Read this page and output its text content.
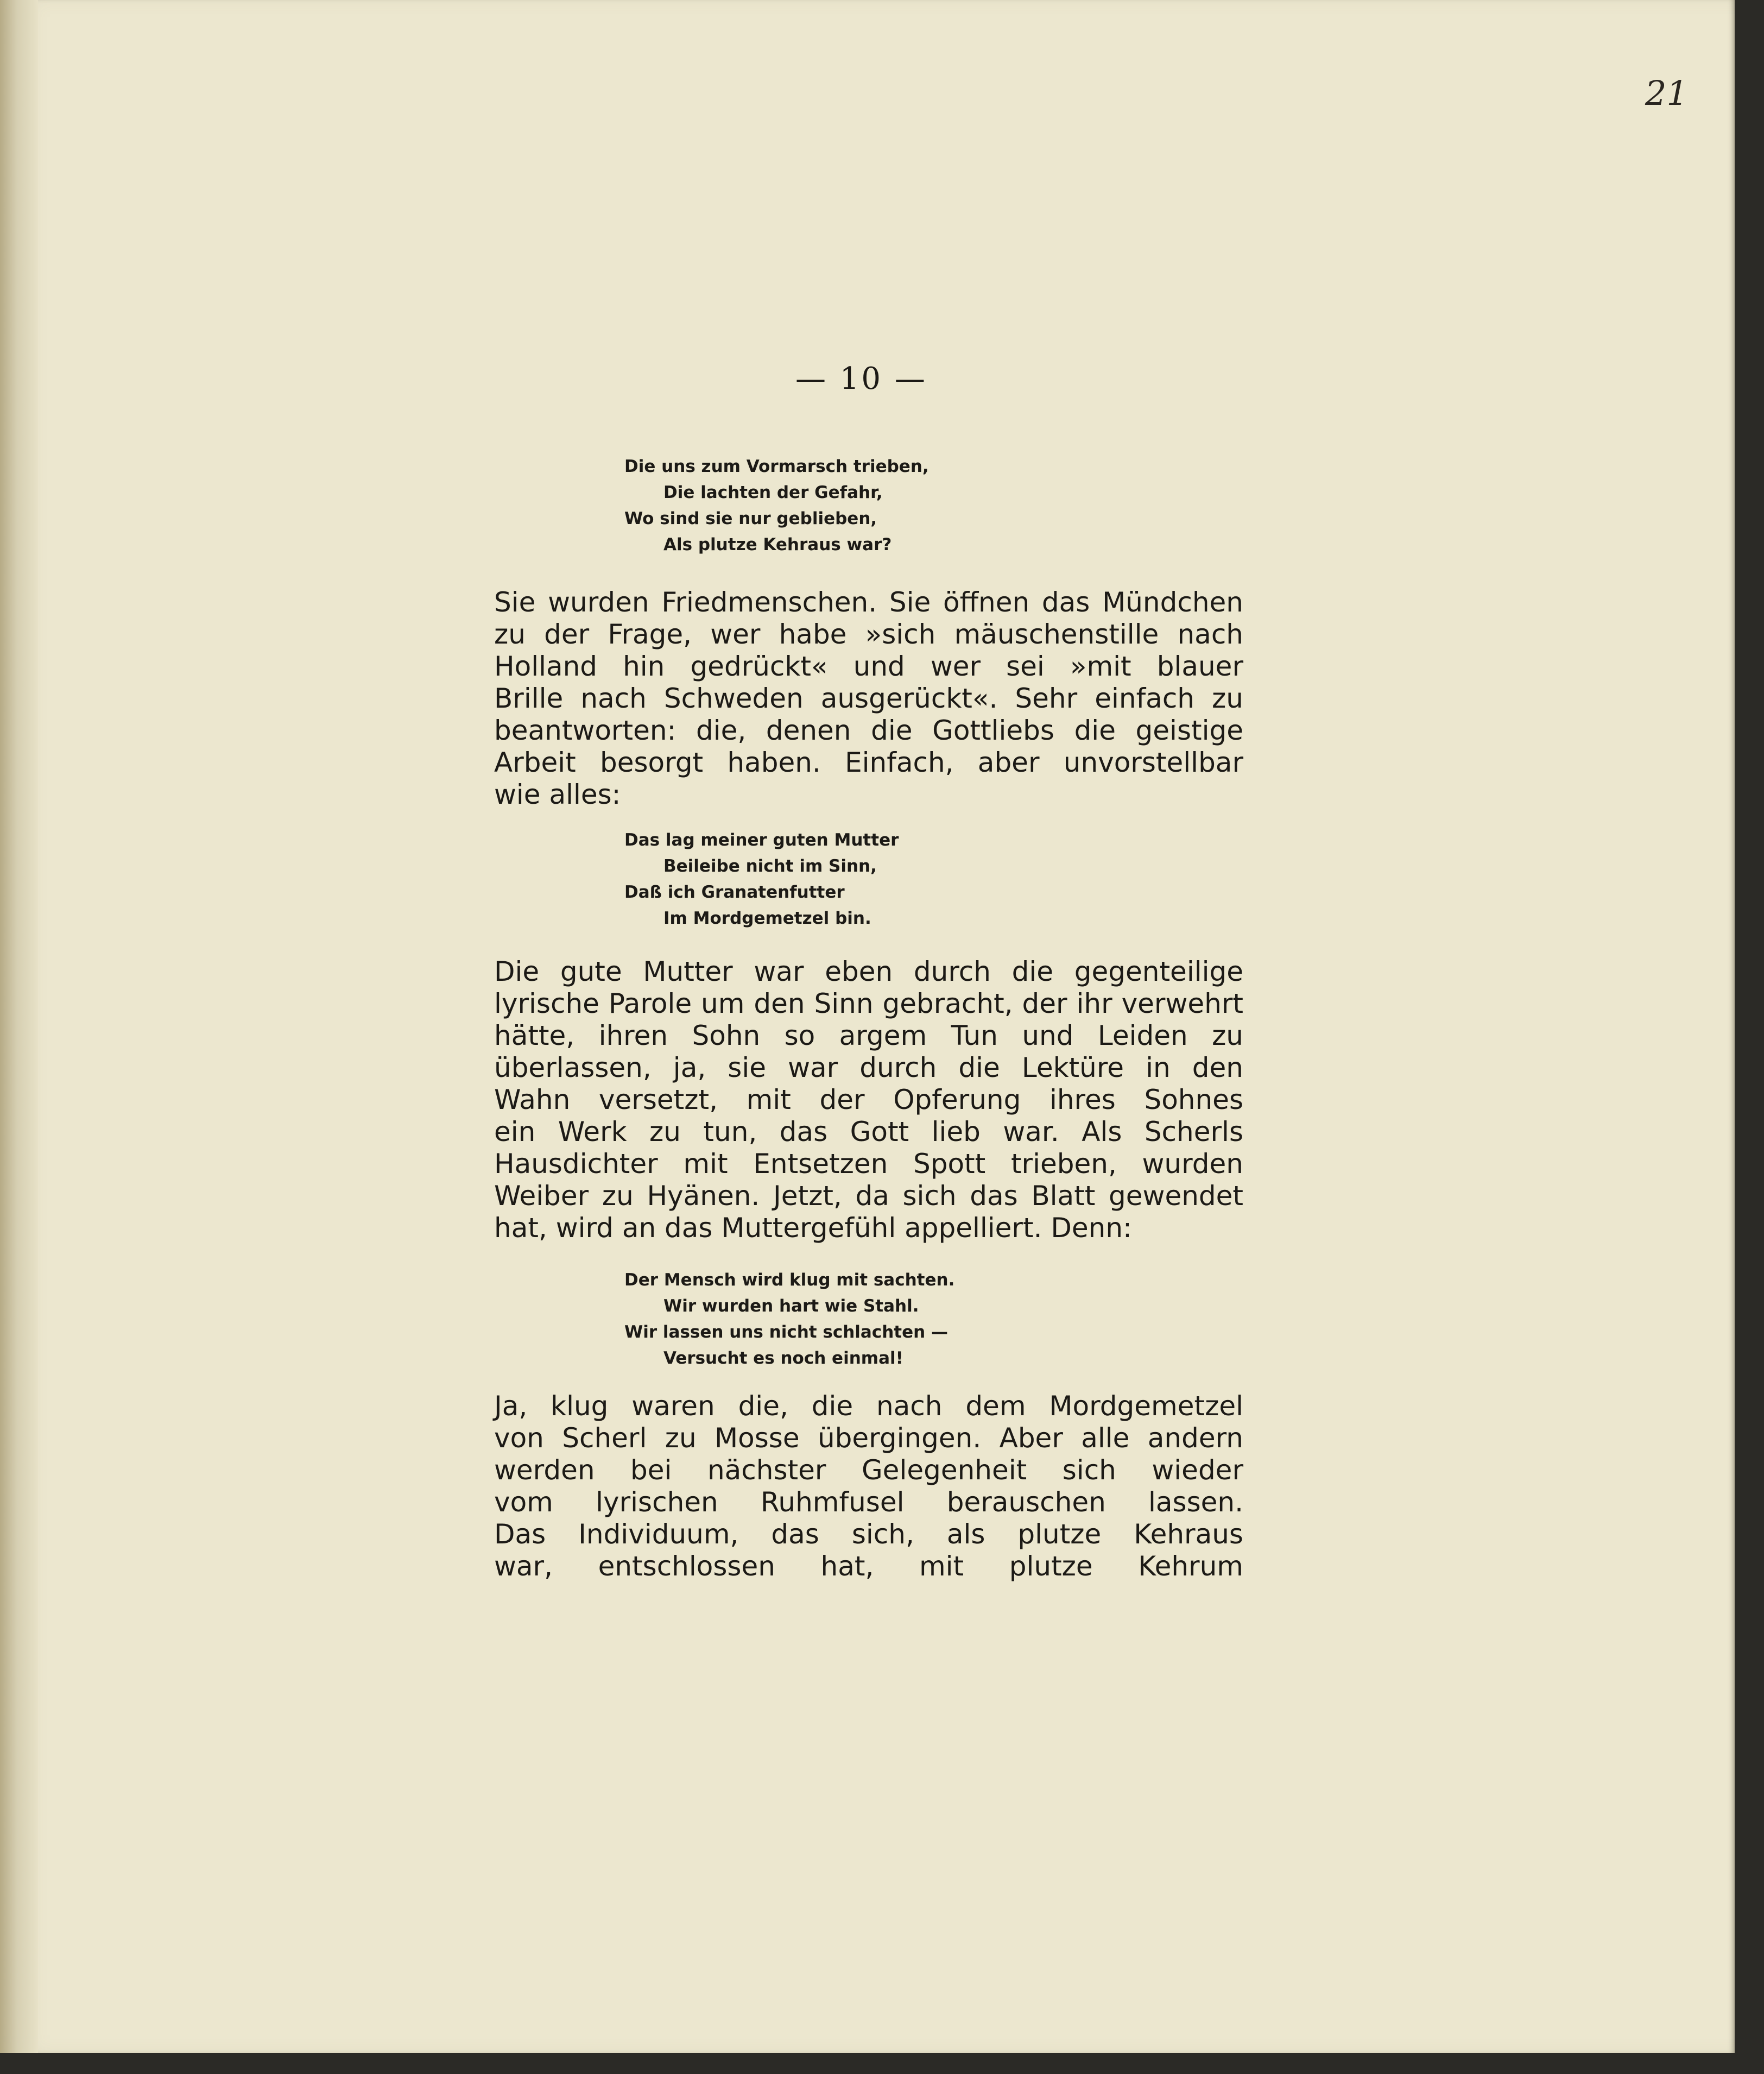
21
— 10 —
Die uns zum Vormarsch trieben,
Die lachten der Gefahr,
Wo sind sie nur geblieben,
Als plutze Kehraus war?
Sie wurden Friedmenschen. Sie öffnen das Mündchen
zu der Frage, wer habe »sich mäuschenstille nach
Holland hin gedrückt« und wer sei »mit blauer
Brille nach Schweden ausgerückt«. Sehr einfach zu
beantworten: die, denen die Gottliebs die geistige
Arbeit besorgt haben. Einfach, aber unvorstellbar
wie alles:
Das lag meiner guten Mutter
Beileibe nicht im Sinn,
Daß ich Granatenfutter
Im Mordgemetzel bin.
Die gute Mutter war eben durch die gegenteilige
lyrische Parole um den Sinn gebracht, der ihr verwehrt
hätte, ihren Sohn so argem Tun und Leiden zu
überlassen, ja, sie war durch die Lektüre in den
Wahn versetzt, mit der Opferung ihres Sohnes
ein Werk zu tun, das Gott lieb war. Als Scherls
Hausdichter mit Entsetzen Spott trieben, wurden
Weiber zu Hyänen. Jetzt, da sich das Blatt gewendet
hat, wird an das Muttergefühl appelliert. Denn:
Der Mensch wird klug mit sachten.
Wir wurden hart wie Stahl.
Wir lassen uns nicht schlachten —
Versucht es noch einmal!
Ja, klug waren die, die nach dem Mordgemetzel
von Scherl zu Mosse übergingen. Aber alle andern
werden bei nächster Gelegenheit sich wieder
vom lyrischen Ruhmfusel berauschen lassen.
Das Individuum, das sich, als plutze Kehraus
war, entschlossen hat, mit plutze Kehrum
